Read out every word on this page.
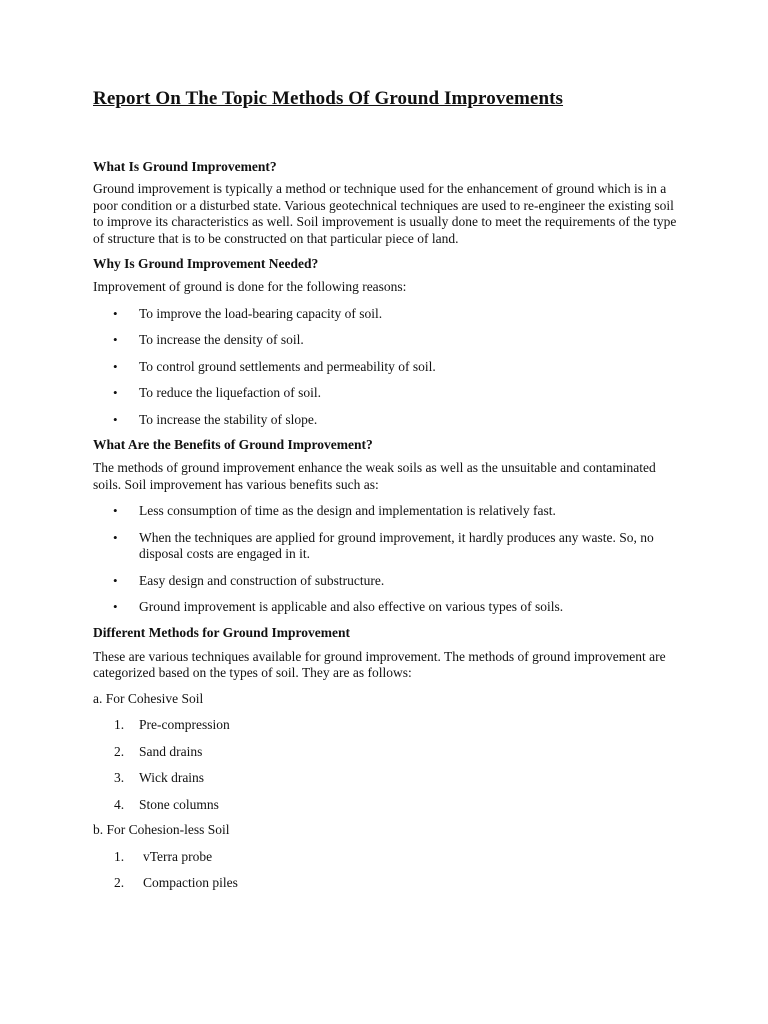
Report On The Topic Methods Of Ground Improvements
What Is Ground Improvement?

Ground improvement is typically a method or technique used for the enhancement of ground which is in a poor condition or a disturbed state. Various geotechnical techniques are used to re-engineer the existing soil to improve its characteristics as well. Soil improvement is usually done to meet the requirements of the type of structure that is to be constructed on that particular piece of land.

Why Is Ground Improvement Needed?

Improvement of ground is done for the following reasons:

• To improve the load-bearing capacity of soil.
• To increase the density of soil.
• To control ground settlements and permeability of soil.
• To reduce the liquefaction of soil.
• To increase the stability of slope.
What Are the Benefits of Ground Improvement?

The methods of ground improvement enhance the weak soils as well as the unsuitable and contaminated soils. Soil improvement has various benefits such as:

• Less consumption of time as the design and implementation is relatively fast.
• When the techniques are applied for ground improvement, it hardly produces any waste. So, no disposal costs are engaged in it.
• Easy design and construction of substructure.
• Ground improvement is applicable and also effective on various types of soils.
Different Methods for Ground Improvement

These are various techniques available for ground improvement. The methods of ground improvement are categorized based on the types of soil. They are as follows:

a. For Cohesive Soil

1. Pre-compression
2. Sand drains
3. Wick drains
4. Stone columns

b. For Cohesion-less Soil

1. vTerra probe
2. Compaction piles
